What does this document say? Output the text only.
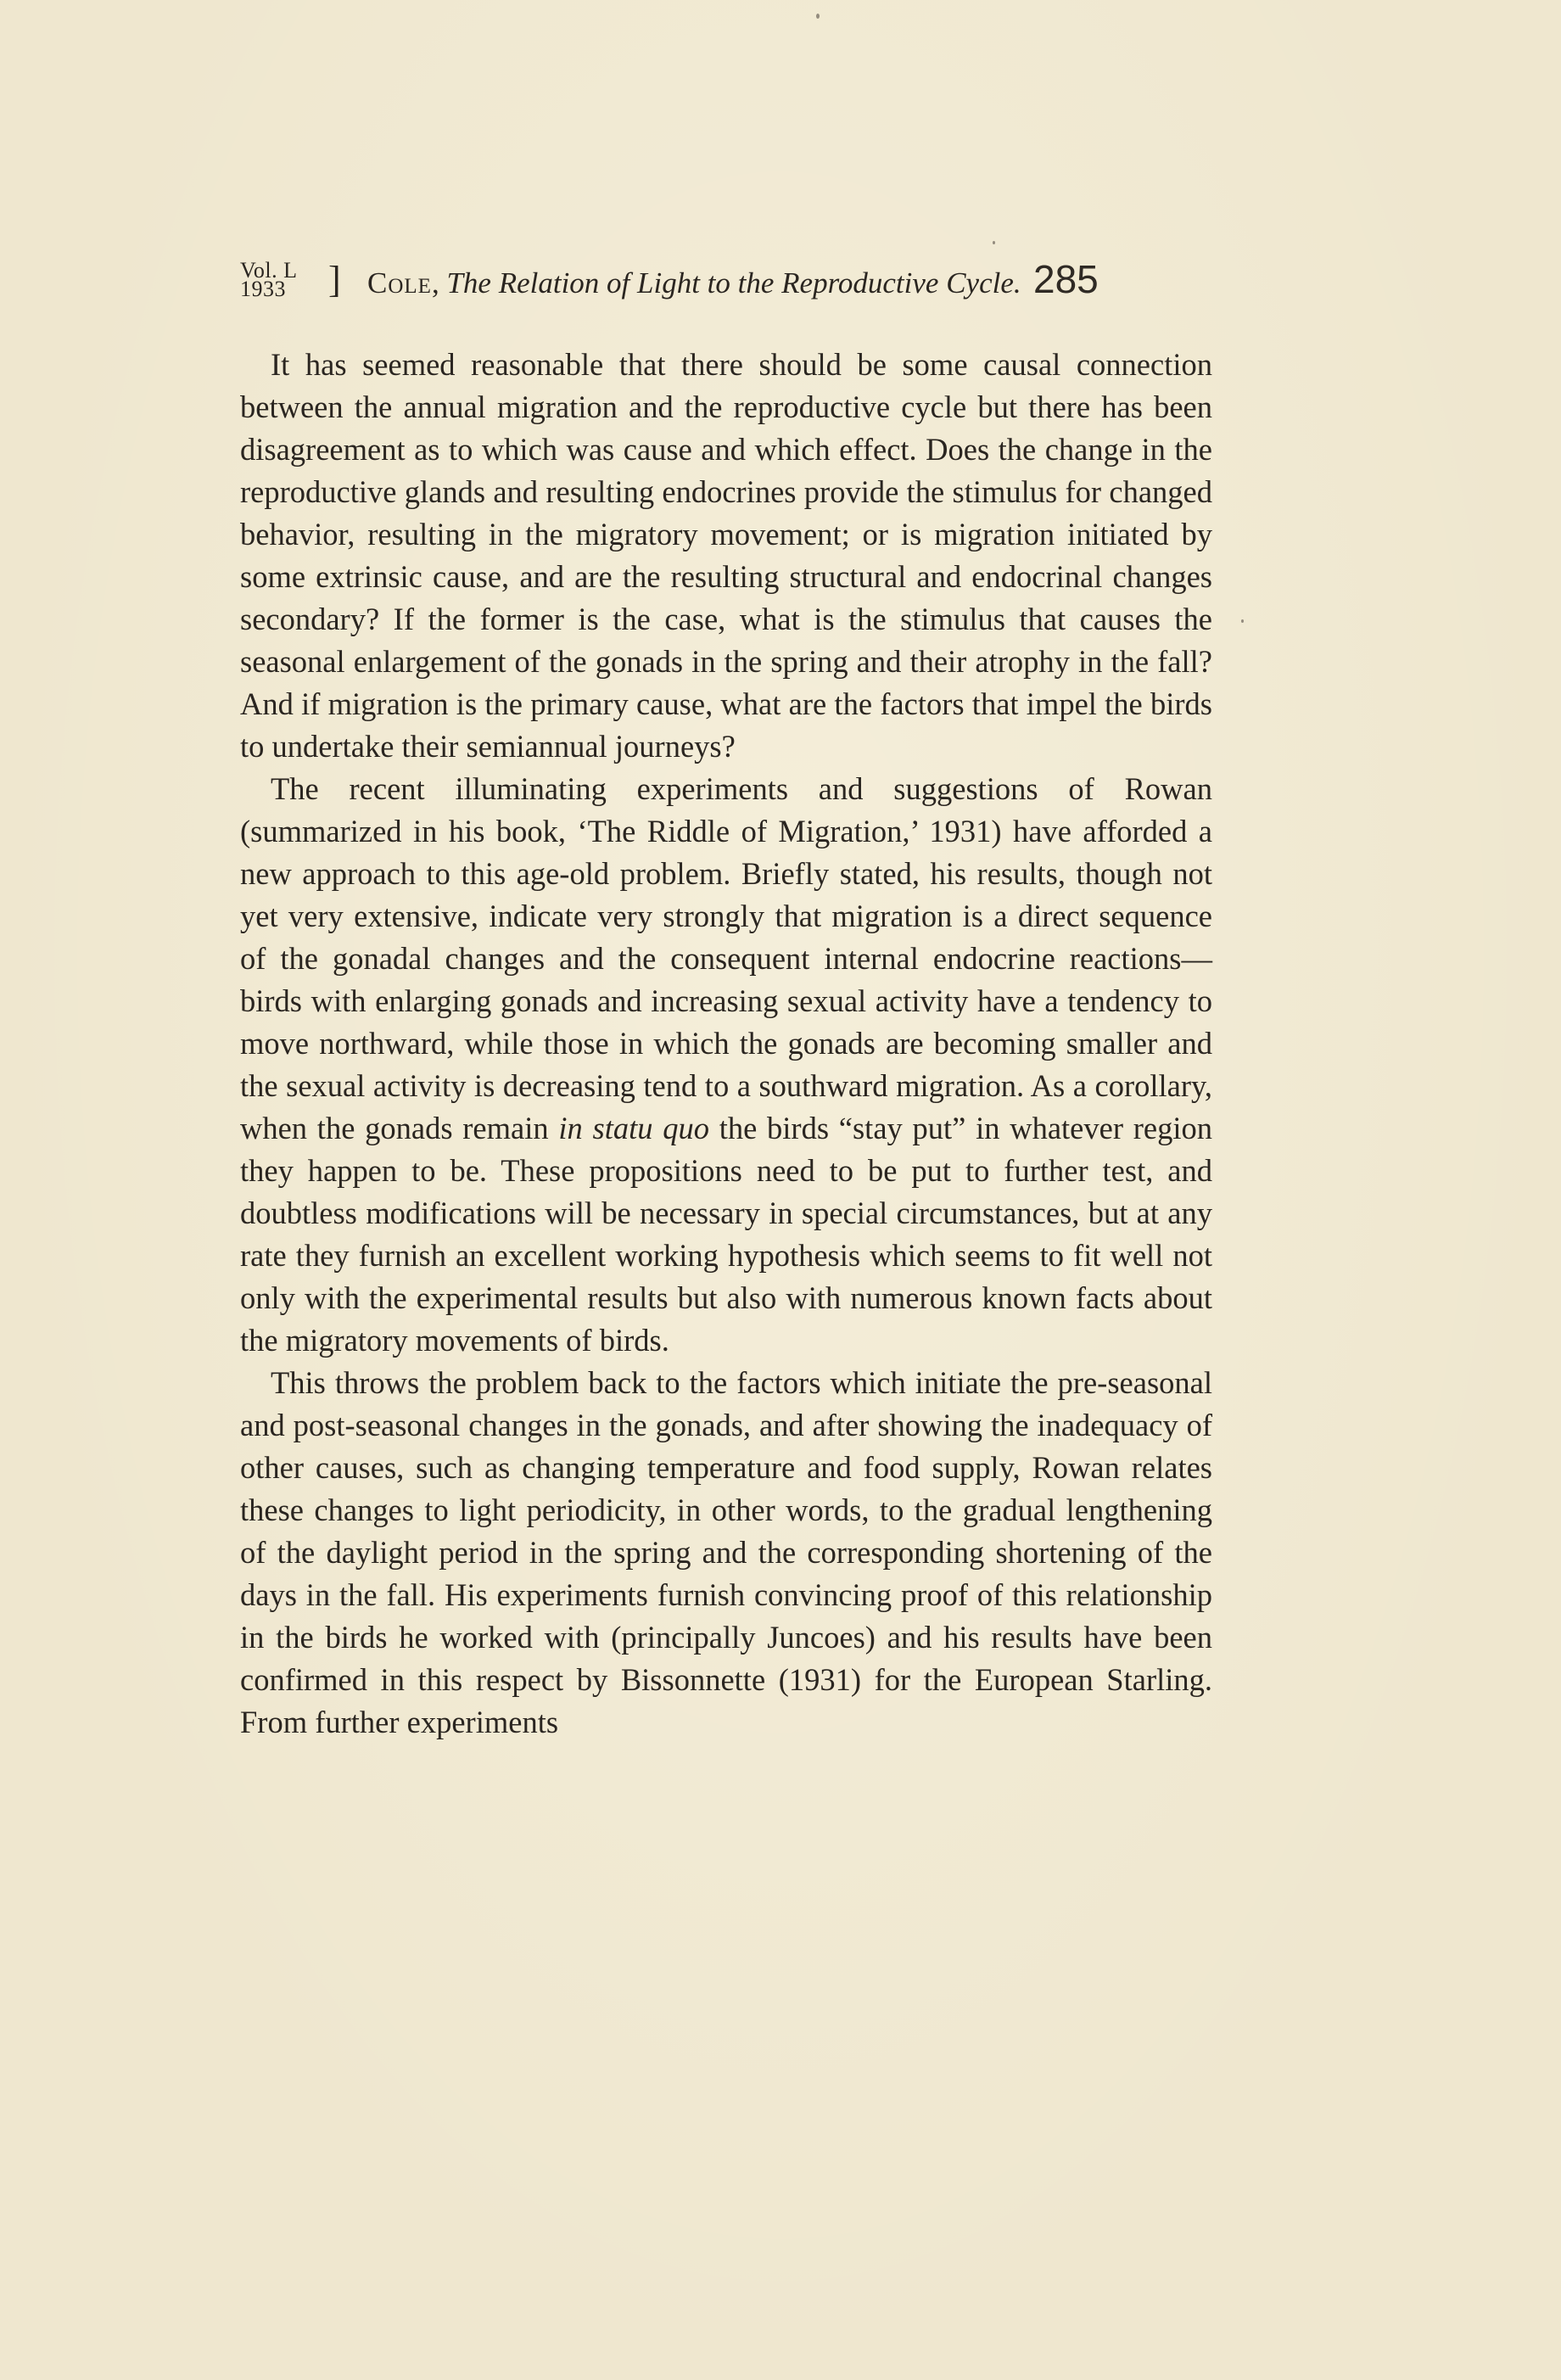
Vol. L
1933 ] Cole, The Relation of Light to the Reproductive Cycle. 285

It has seemed reasonable that there should be some causal connection between the annual migration and the reproductive cycle but there has been disagreement as to which was cause and which effect. Does the change in the reproductive glands and resulting endocrines provide the stimulus for changed behavior, resulting in the migratory movement; or is migration initiated by some extrinsic cause, and are the resulting structural and endocrinal changes secondary? If the former is the case, what is the stimulus that causes the seasonal enlargement of the gonads in the spring and their atrophy in the fall? And if migration is the primary cause, what are the factors that impel the birds to undertake their semiannual journeys?

The recent illuminating experiments and suggestions of Rowan (summarized in his book, ‘The Riddle of Migration,’ 1931) have afforded a new approach to this age-old problem. Briefly stated, his results, though not yet very extensive, indicate very strongly that migration is a direct sequence of the gonadal changes and the consequent internal endocrine reactions—birds with enlarging gonads and increasing sexual activity have a tendency to move northward, while those in which the gonads are becoming smaller and the sexual activity is decreasing tend to a southward migration. As a corollary, when the gonads remain in statu quo the birds “stay put” in whatever region they happen to be. These propositions need to be put to further test, and doubtless modifications will be necessary in special circumstances, but at any rate they furnish an excellent working hypothesis which seems to fit well not only with the experimental results but also with numerous known facts about the migratory movements of birds.

This throws the problem back to the factors which initiate the pre-seasonal and post-seasonal changes in the gonads, and after showing the inadequacy of other causes, such as changing temperature and food supply, Rowan relates these changes to light periodicity, in other words, to the gradual lengthening of the daylight period in the spring and the corresponding shortening of the days in the fall. His experiments furnish convincing proof of this relationship in the birds he worked with (principally Juncoes) and his results have been confirmed in this respect by Bissonnette (1931) for the European Starling. From further experiments
